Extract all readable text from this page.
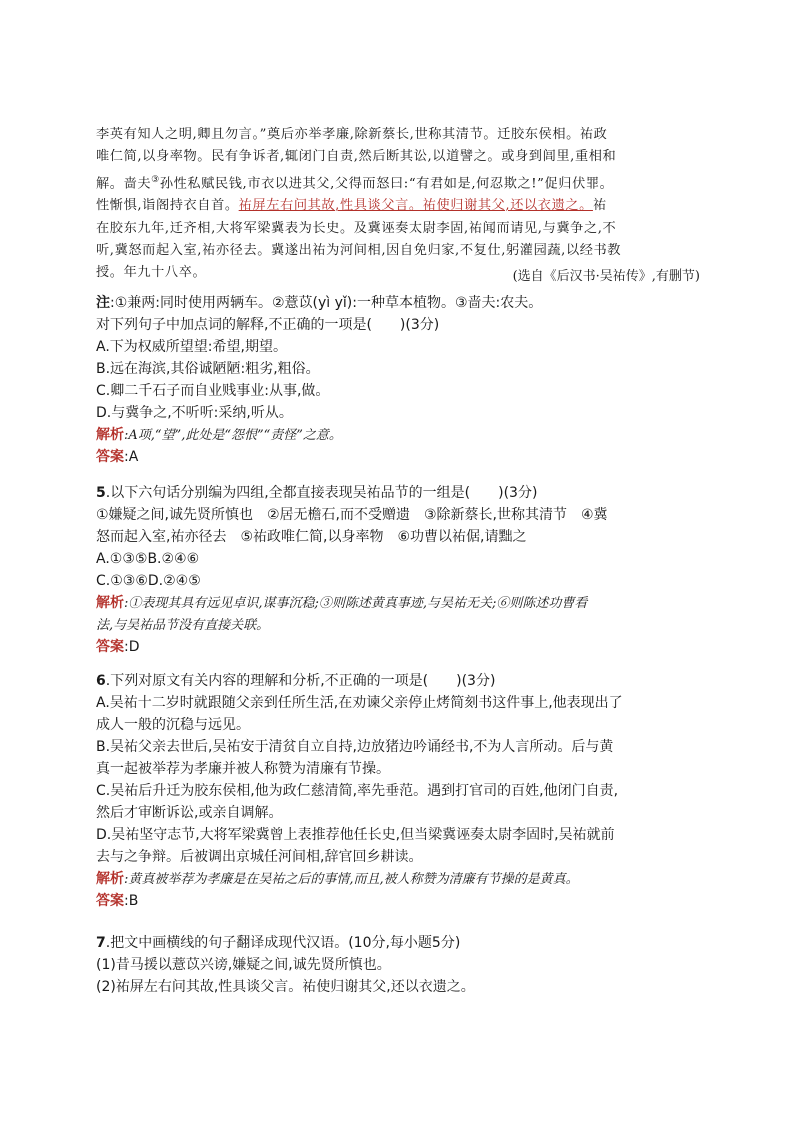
李英有知人之明,卿且勿言。”奠后亦举孝廉,除新蔡长,世称其清节。迁胶东侯相。祐政
唯仁简,以身率物。民有争诉者,辄闭门自责,然后断其讼,以道譬之。或身到闾里,重相和
解。啬夫③孙性私赋民钱,市衣以进其父,父得而怒曰:“有君如是,何忍欺之!”促归伏罪。
性惭惧,诣阁持衣自首。祐屏左右问其故,性具谈父言。祐使归谢其父,还以衣遗之。祐
在胶东九年,迁齐相,大将军梁冀表为长史。及冀诬奏太尉李固,祐闻而请见,与冀争之,不
听,冀怒而起入室,祐亦径去。冀遂出祐为河间相,因自免归家,不复仕,躬灌园蔬,以经书教
授。年九十八卒。	(选自《后汉书·吴祐传》,有删节)
注:①兼两:同时使用两辆车。②薏苡(yì yǐ):一种草本植物。③啬夫:农夫。
对下列句子中加点词的解释,不正确的一项是(　　)(3分)
A.下为权威所望望:希望,期望。
B.远在海滨,其俗诚陋陋:粗劣,粗俗。
C.卿二千石子而自业贱事业:从事,做。
D.与冀争之,不听听:采纳,听从。
解析:A项,“望”,此处是“怨恨”“责怪”之意。
答案:A
5.以下六句话分别编为四组,全都直接表现吴祐品节的一组是(　　)(3分)
①嫌疑之间,诚先贤所慎也　②居无檐石,而不受赠遗　③除新蔡长,世称其清节　④冀
怒而起入室,祐亦径去　⑤祐政唯仁简,以身率物　⑥功曹以祐倨,请黜之
A.①③⑤B.②④⑥
C.①③⑥D.②④⑤
解析:①表现其具有远见卓识,谋事沉稳;③则陈述黄真事迹,与吴祐无关;⑥则陈述功曹看
法,与吴祐品节没有直接关联。
答案:D
6.下列对原文有关内容的理解和分析,不正确的一项是(　　)(3分)
A.吴祐十二岁时就跟随父亲到任所生活,在劝谏父亲停止烤简刻书这件事上,他表现出了
成人一般的沉稳与远见。
B.吴祐父亲去世后,吴祐安于清贫自立自持,边放猪边吟诵经书,不为人言所动。后与黄
真一起被举荐为孝廉并被人称赞为清廉有节操。
C.吴祐后升迁为胶东侯相,他为政仁慈清简,率先垂范。遇到打官司的百姓,他闭门自责,
然后才审断诉讼,或亲自调解。
D.吴祐坚守志节,大将军梁冀曾上表推荐他任长史,但当梁冀诬奏太尉李固时,吴祐就前
去与之争辩。后被调出京城任河间相,辞官回乡耕读。
解析:黄真被举荐为孝廉是在吴祐之后的事情,而且,被人称赞为清廉有节操的是黄真。
答案:B
7.把文中画横线的句子翻译成现代汉语。(10分,每小题5分)
(1)昔马援以薏苡兴谤,嫌疑之间,诚先贤所慎也。
(2)祐屏左右问其故,性具谈父言。祐使归谢其父,还以衣遗之。
